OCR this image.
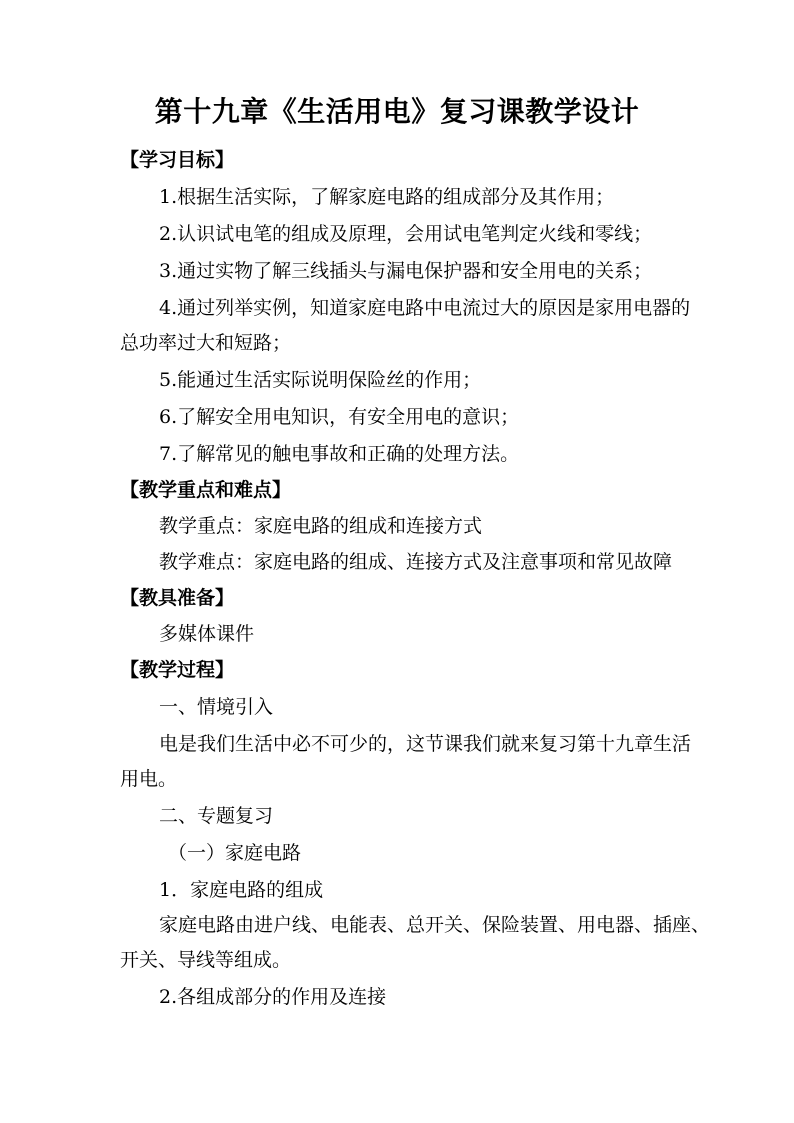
第十九章《生活用电》复习课教学设计
【学习目标】
1.根据生活实际，了解家庭电路的组成部分及其作用；
2.认识试电笔的组成及原理，会用试电笔判定火线和零线；
3.通过实物了解三线插头与漏电保护器和安全用电的关系；
4.通过列举实例，知道家庭电路中电流过大的原因是家用电器的
总功率过大和短路；
5.能通过生活实际说明保险丝的作用；
6.了解安全用电知识，有安全用电的意识；
7.了解常见的触电事故和正确的处理方法。
【教学重点和难点】
教学重点：家庭电路的组成和连接方式
教学难点：家庭电路的组成、连接方式及注意事项和常见故障
【教具准备】
多媒体课件
【教学过程】
一、情境引入
电是我们生活中必不可少的，这节课我们就来复习第十九章生活
用电。
二、专题复习
（一）家庭电路
1．家庭电路的组成
家庭电路由进户线、电能表、总开关、保险装置、用电器、插座、
开关、导线等组成。
2.各组成部分的作用及连接
